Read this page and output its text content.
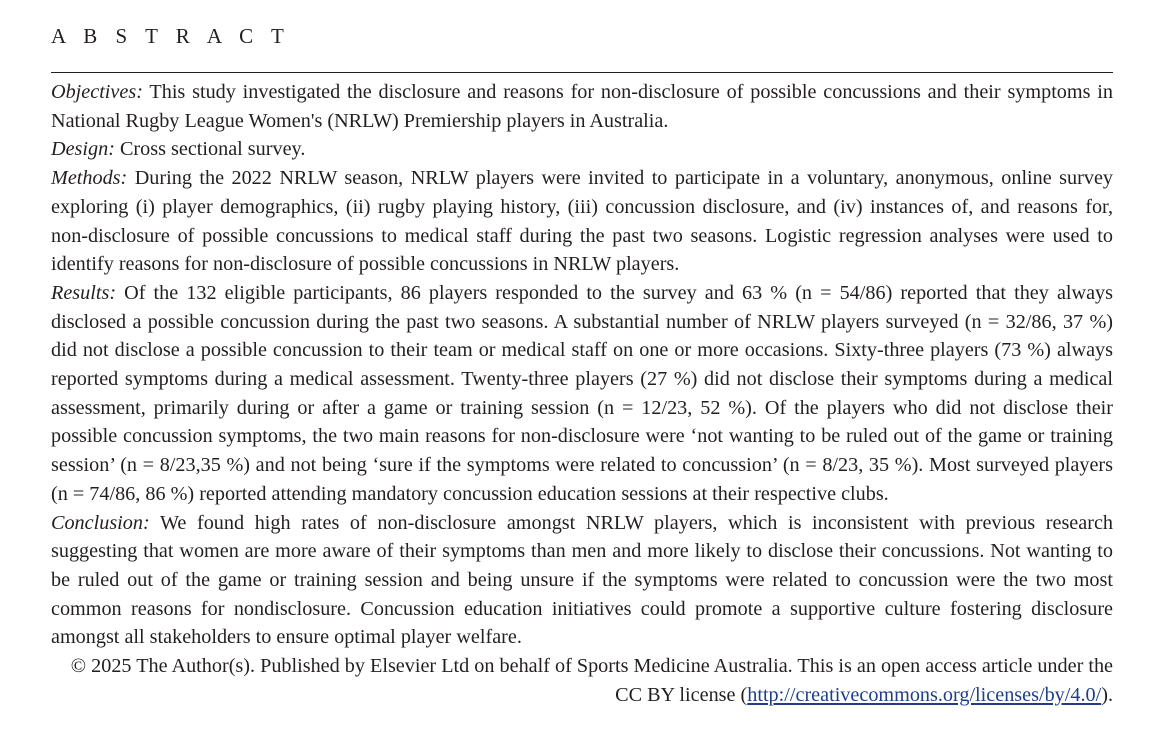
A B S T R A C T

Objectives: This study investigated the disclosure and reasons for non-disclosure of possible concussions and their symptoms in National Rugby League Women's (NRLW) Premiership players in Australia.

Design: Cross sectional survey.

Methods: During the 2022 NRLW season, NRLW players were invited to participate in a voluntary, anonymous, online survey exploring (i) player demographics, (ii) rugby playing history, (iii) concussion disclosure, and (iv) instances of, and reasons for, non-disclosure of possible concussions to medical staff during the past two seasons. Logistic regression analyses were used to identify reasons for non-disclosure of possible concussions in NRLW players.

Results: Of the 132 eligible participants, 86 players responded to the survey and 63 % (n = 54/86) reported that they always disclosed a possible concussion during the past two seasons. A substantial number of NRLW players surveyed (n = 32/86, 37 %) did not disclose a possible concussion to their team or medical staff on one or more occasions. Sixty-three players (73 %) always reported symptoms during a medical assessment. Twenty-three players (27 %) did not disclose their symptoms during a medical assessment, primarily during or after a game or training session (n = 12/23, 52 %). Of the players who did not disclose their possible concussion symptoms, the two main reasons for non-disclosure were ‘not wanting to be ruled out of the game or training session’ (n = 8/23,35 %) and not being ‘sure if the symptoms were related to concussion’ (n = 8/23, 35 %). Most surveyed players (n = 74/86, 86 %) reported attending mandatory concussion education sessions at their respective clubs.

Conclusion: We found high rates of non-disclosure amongst NRLW players, which is inconsistent with previous research suggesting that women are more aware of their symptoms than men and more likely to disclose their concussions. Not wanting to be ruled out of the game or training session and being unsure if the symptoms were related to concussion were the two most common reasons for nondisclosure. Concussion education initiatives could promote a supportive culture fostering disclosure amongst all stakeholders to ensure optimal player welfare.

© 2025 The Author(s). Published by Elsevier Ltd on behalf of Sports Medicine Australia. This is an open access article under the CC BY license (http://creativecommons.org/licenses/by/4.0/).
